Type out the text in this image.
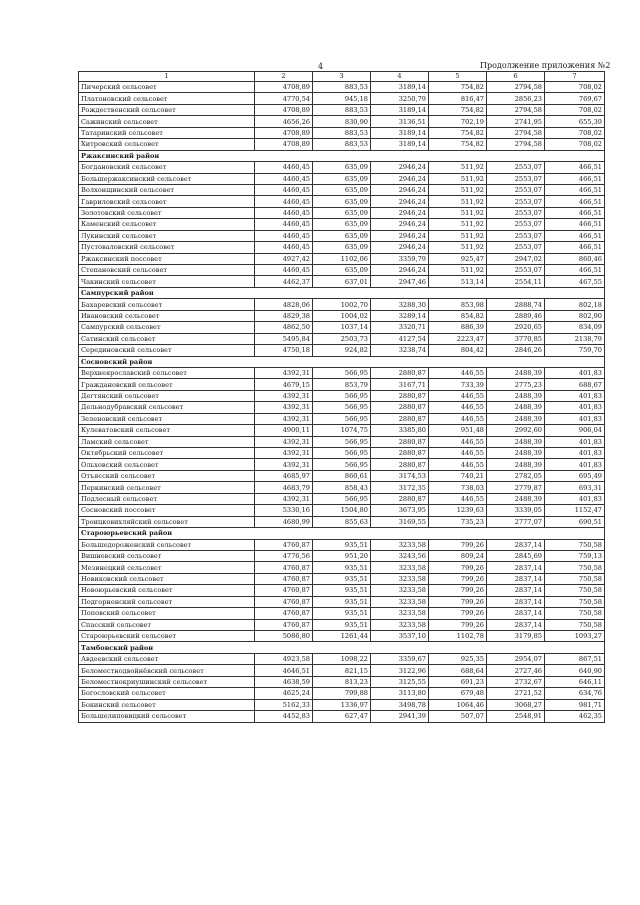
4	Продолжение приложения №2
1	2	3	4	5	6	7
Пичерский сельсовет	4708,89	883,53	3189,14	754,82	2794,58	708,02
Платоновский сельсовет	4770,54	945,18	3250,79	816,47	2856,23	769,67
Рождественский сельсовет	4708,89	883,53	3189,14	754,82	2794,58	708,02
Сажинский сельсовет	4656,26	830,90	3136,51	702,19	2741,95	655,39
Татаринский сельсовет	4708,89	883,53	3189,14	754,82	2794,58	708,02
Хитровский сельсовет	4708,89	883,53	3189,14	754,82	2794,58	708,02
Ржаксинский район						
Богдановский сельсовет	4460,45	635,09	2946,24	511,92	2553,07	466,51
Большержаксинский сельсовет	4460,45	635,09	2946,24	511,92	2553,07	466,51
Волхонщинский сельсовет	4460,45	635,09	2946,24	511,92	2553,07	466,51
Гавриловский сельсовет	4460,45	635,09	2946,24	511,92	2553,07	466,51
Золотовский сельсовет	4460,45	635,09	2946,24	511,92	2553,07	466,51
Каменский сельсовет	4460,45	635,09	2946,24	511,92	2553,07	466,51
Лукинский сельсовет	4460,45	635,09	2946,24	511,92	2553,07	466,51
Пустоваловский сельсовет	4460,45	635,09	2946,24	511,92	2553,07	466,51
Ржаксинский поссовет	4927,42	1102,06	3359,79	925,47	2947,02	860,46
Степановский сельсовет	4460,45	635,09	2946,24	511,92	2553,07	466,51
Чакинский сельсовет	4462,37	637,01	2947,46	513,14	2554,11	467,55
Сампурский район						
Бахаревский сельсовет	4828,06	1002,70	3288,30	853,98	2888,74	802,18
Ивановский сельсовет	4829,38	1004,02	3289,14	854,82	2889,46	802,90
Сампурский сельсовет	4862,50	1037,14	3320,71	886,39	2920,65	834,09
Сатинский сельсовет	5495,84	2503,73	4127,54	2223,47	3770,85	2138,79
Серединовский сельсовет	4750,18	924,82	3238,74	804,42	2846,26	759,70
Сосновский район						
Верхнеярославский сельсовет	4392,31	566,95	2880,87	446,55	2488,39	401,83
Граждановский сельсовет	4679,15	853,79	3167,71	733,39	2775,23	688,67
Дегтянский сельсовет	4392,31	566,95	2880,87	446,55	2488,39	401,83
Дельнодубравский сельсовет	4392,31	566,95	2880,87	446,55	2488,39	401,83
Зеленовский сельсовет	4392,31	566,95	2880,87	446,55	2488,39	401,83
Кулеватовский сельсовет	4900,11	1074,75	3385,80	951,48	2992,60	906,04
Ламский сельсовет	4392,31	566,95	2880,87	446,55	2488,39	401,83
Октябрьский сельсовет	4392,31	566,95	2880,87	446,55	2488,39	401,83
Ольховский сельсовет	4392,31	566,95	2880,87	446,55	2488,39	401,83
Отъясский сельсовет	4685,97	860,61	3174,53	740,21	2782,05	695,49
Перкинский сельсовет	4683,79	858,43	3172,35	738,03	2779,87	693,31
Подлесный сельсовет	4392,31	566,95	2880,87	446,55	2488,39	401,83
Сосновский поссовет	5330,16	1504,80	3673,95	1239,63	3339,05	1152,47
Троицковихляйский сельсовет	4680,99	855,63	3169,55	735,23	2777,07	690,51
Староюрьевский район						
Большедороженский сельсовет	4760,87	935,51	3233,58	799,26	2837,14	750,58
Вишневский сельсовет	4776,56	951,20	3243,56	809,24	2845,69	759,13
Мезинецкий сельсовет	4760,87	935,51	3233,58	799,26	2837,14	750,58
Новиковский сельсовет	4760,87	935,51	3233,58	799,26	2837,14	750,58
Новоюрьевский сельсовет	4760,87	935,51	3233,58	799,26	2837,14	750,58
Подгорненский сельсовет	4760,87	935,51	3233,58	799,26	2837,14	750,58
Поповский сельсовет	4760,87	935,51	3233,58	799,26	2837,14	750,58
Спасский сельсовет	4760,87	935,51	3233,58	799,26	2837,14	750,58
Староюрьевский сельсовет	5086,80	1261,44	3537,10	1102,78	3179,85	1093,27
Тамбовский район						
Авдеевский сельсовет	4923,58	1098,22	3359,67	925,35	2954,07	867,51
Беломестнодвойнёвский сельсовет	4646,51	821,15	3122,96	688,64	2727,46	640,90
Беломестнокриушинский сельсовет	4638,59	813,23	3125,55	691,23	2732,67	646,11
Богословский сельсовет	4625,24	799,88	3113,80	679,48	2721,52	634,76
Бокинский сельсовет	5162,33	1336,97	3498,78	1064,46	3068,27	981,71
Большелиповицкий сельсовет	4452,83	627,47	2941,39	507,07	2548,91	462,35
